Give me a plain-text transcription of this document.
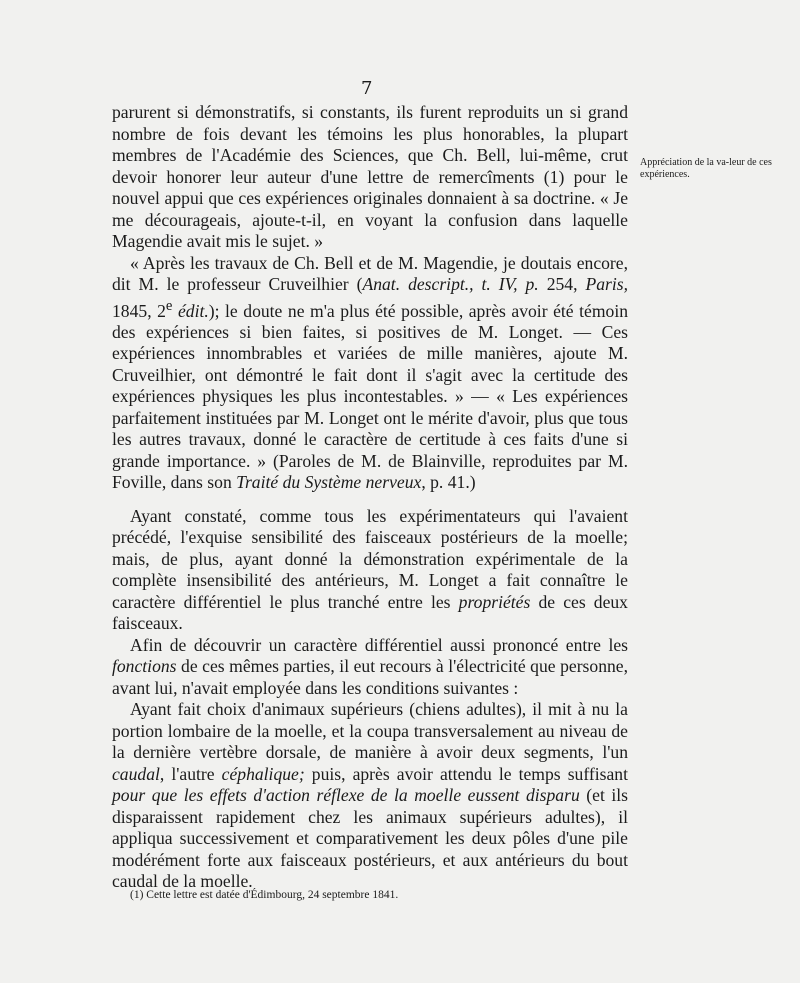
7

parurent si démonstratifs, si constants, ils furent reproduits un si grand nombre de fois devant les témoins les plus honorables, la plupart membres de l'Académie des Sciences, que Ch. Bell, lui-même, crut devoir honorer leur auteur d'une lettre de remercîments (1) pour le nouvel appui que ces expériences originales donnaient à sa doctrine. « Je me décourageais, ajoute-t-il, en voyant la confusion dans laquelle Magendie avait mis le sujet. »

« Après les travaux de Ch. Bell et de M. Magendie, je doutais encore, dit M. le professeur Cruveilhier (Anat. descript., t. IV, p. 254, Paris, 1845, 2e édit.); le doute ne m'a plus été possible, après avoir été témoin des expériences si bien faites, si positives de M. Longet. — Ces expériences innombrables et variées de mille manières, ajoute M. Cruveilhier, ont démontré le fait dont il s'agit avec la certitude des expériences physiques les plus incontestables. » — « Les expériences parfaitement instituées par M. Longet ont le mérite d'avoir, plus que tous les autres travaux, donné le caractère de certitude à ces faits d'une si grande importance. » (Paroles de M. de Blainville, reproduites par M. Foville, dans son Traité du Système nerveux, p. 41.)

Ayant constaté, comme tous les expérimentateurs qui l'avaient précédé, l'exquise sensibilité des faisceaux postérieurs de la moelle; mais, de plus, ayant donné la démonstration expérimentale de la complète insensibilité des antérieurs, M. Longet a fait connaître le caractère différentiel le plus tranché entre les propriétés de ces deux faisceaux.

Afin de découvrir un caractère différentiel aussi prononcé entre les fonctions de ces mêmes parties, il eut recours à l'électricité que personne, avant lui, n'avait employée dans les conditions suivantes :

Ayant fait choix d'animaux supérieurs (chiens adultes), il mit à nu la portion lombaire de la moelle, et la coupa transversalement au niveau de la dernière vertèbre dorsale, de manière à avoir deux segments, l'un caudal, l'autre céphalique; puis, après avoir attendu le temps suffisant pour que les effets d'action réflexe de la moelle eussent disparu (et ils disparaissent rapidement chez les animaux supérieurs adultes), il appliqua successivement et comparativement les deux pôles d'une pile modérément forte aux faisceaux postérieurs, et aux antérieurs du bout caudal de la moelle.

Appréciation de la va-leur de ces expériences.
(1) Cette lettre est datée d'Édimbourg, 24 septembre 1841.
